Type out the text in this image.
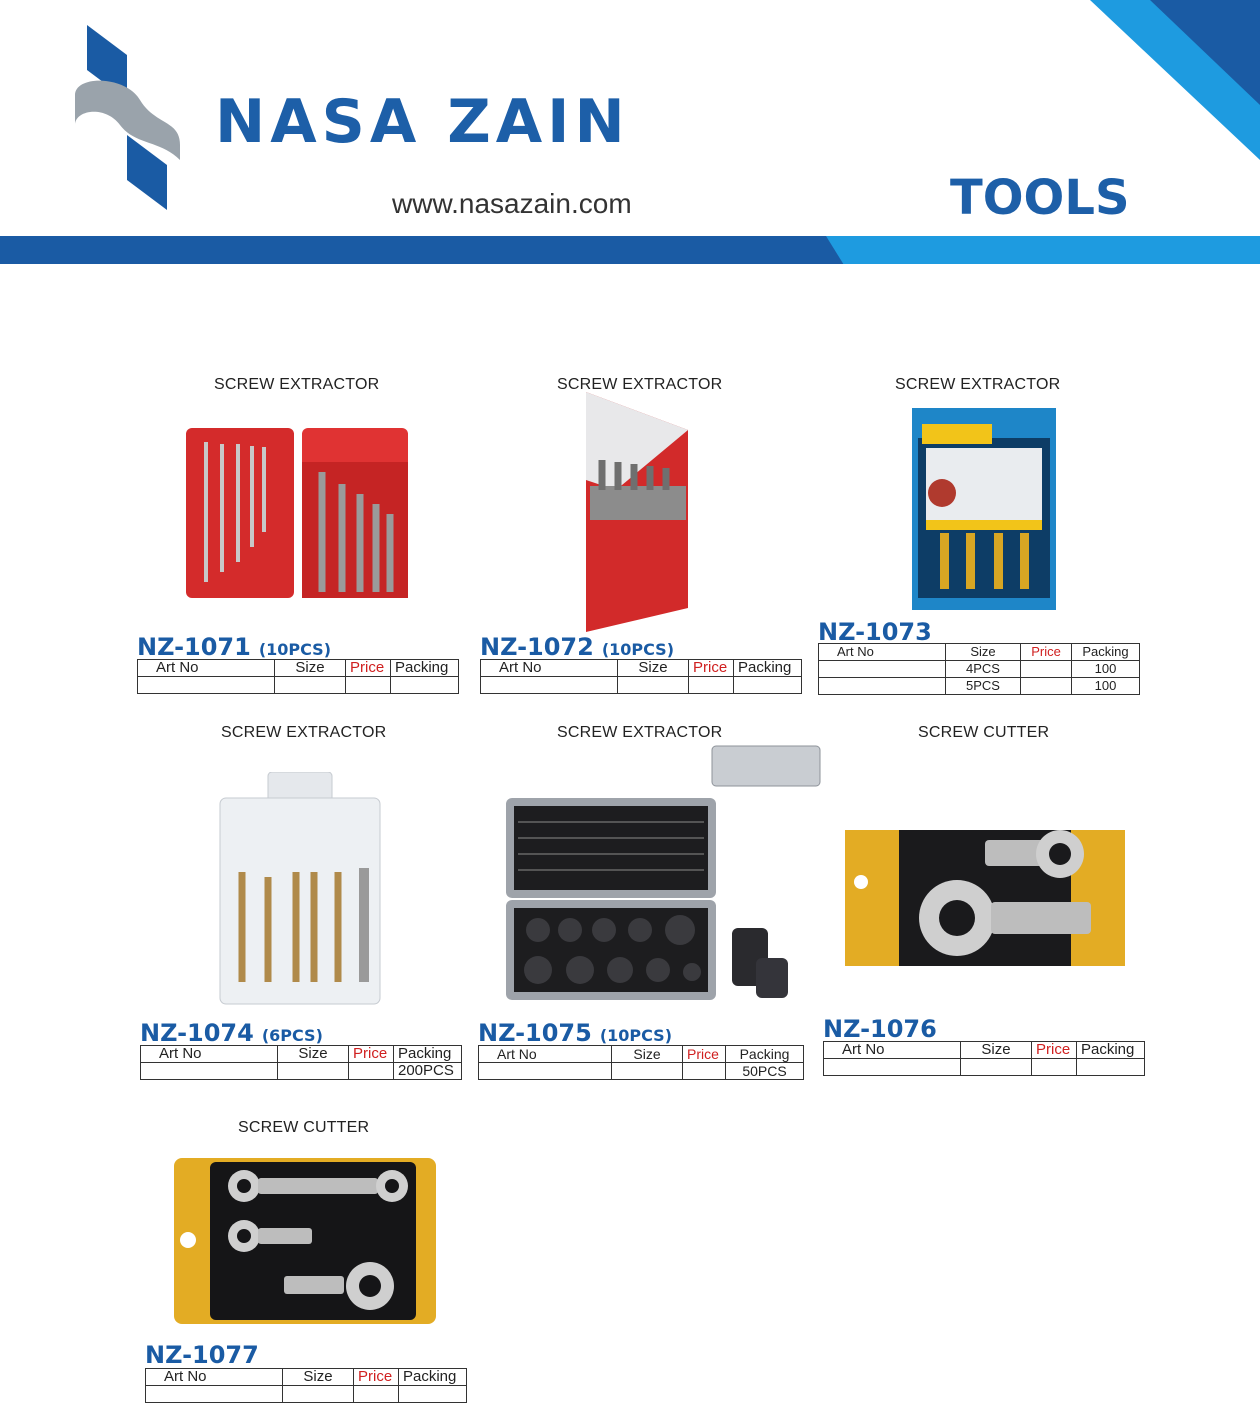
NASA ZAIN
www.nasazain.com	TOOLS
SCREW EXTRACTOR
NZ-1071 (10PCS)
Art No	Size	Price	Packing

SCREW EXTRACTOR
NZ-1072 (10PCS)
Art No	Size	Price	Packing

SCREW EXTRACTOR
NZ-1073
Art No	Size	Price	Packing
	4PCS		100
	5PCS		100
SCREW EXTRACTOR
NZ-1074 (6PCS)
Art No	Size	Price	Packing
			200PCS
SCREW EXTRACTOR
NZ-1075 (10PCS)
Art No	Size	Price	Packing
			50PCS
SCREW CUTTER
NZ-1076
Art No	Size	Price	Packing

SCREW CUTTER
NZ-1077
Art No	Size	Price	Packing
